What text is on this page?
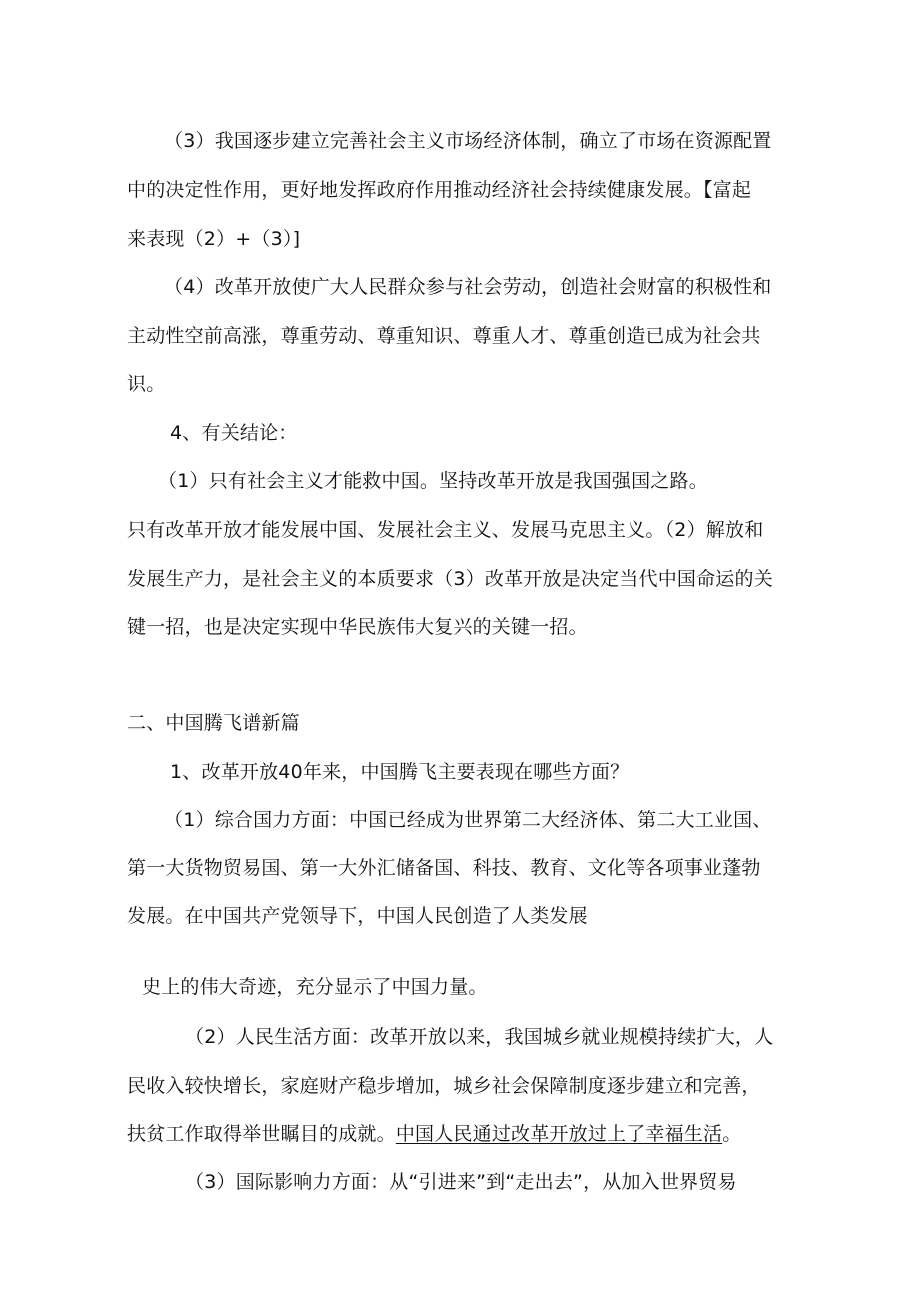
（3）我国逐步建立完善社会主义市场经济体制，确立了市场在资源配置
中的决定性作用，更好地发挥政府作用推动经济社会持续健康发展。【富起
来表现（2）+（3）]
（4）改革开放使广大人民群众参与社会劳动，创造社会财富的积极性和
主动性空前高涨，尊重劳动、尊重知识、尊重人才、尊重创造已成为社会共
识。
4、有关结论：
（1）只有社会主义才能救中国。坚持改革开放是我国强国之路。
只有改革开放才能发展中国、发展社会主义、发展马克思主义。（2）解放和
发展生产力，是社会主义的本质要求（3）改革开放是决定当代中国命运的关
键一招，也是决定实现中华民族伟大复兴的关键一招。
二、中国腾飞谱新篇
1、改革开放40年来，中国腾飞主要表现在哪些方面？
（1）综合国力方面：中国已经成为世界第二大经济体、第二大工业国、
第一大货物贸易国、第一大外汇储备国、科技、教育、文化等各项事业蓬勃
发展。在中国共产党领导下，中国人民创造了人类发展
史上的伟大奇迹，充分显示了中国力量。
（2）人民生活方面：改革开放以来，我国城乡就业规模持续扩大，人
民收入较快增长，家庭财产稳步增加，城乡社会保障制度逐步建立和完善，
扶贫工作取得举世瞩目的成就。中国人民通过改革开放过上了幸福生活。
（3）国际影响力方面：从“引进来”到“走出去”，从加入世界贸易
